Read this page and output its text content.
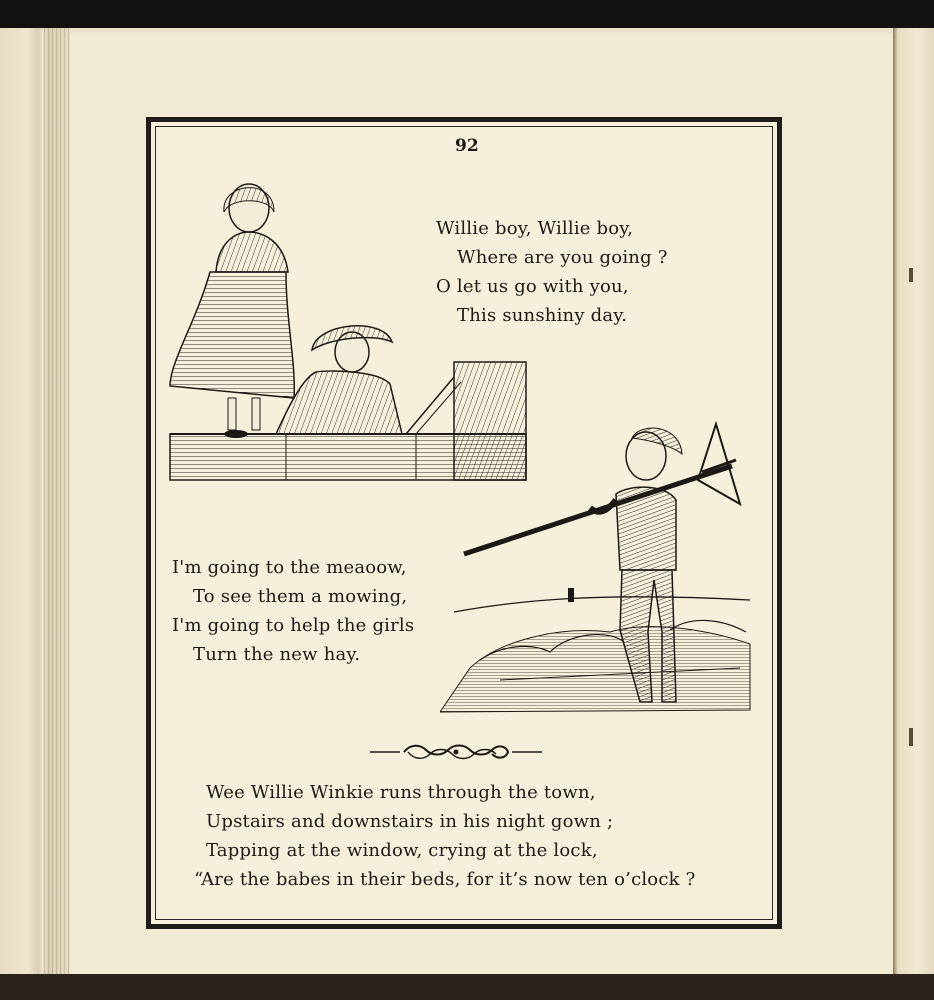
92
Willie boy, Willie boy,
Where are you going ?
O let us go with you,
This sunshiny day.
I'm going to the meaoow,
To see them a mowing,
I'm going to help the girls
Turn the new hay.
Wee Willie Winkie runs through the town,
Upstairs and downstairs in his night gown ;
Tapping at the window, crying at the lock,
“Are the babes in their beds, for it’s now ten o’clock ?
